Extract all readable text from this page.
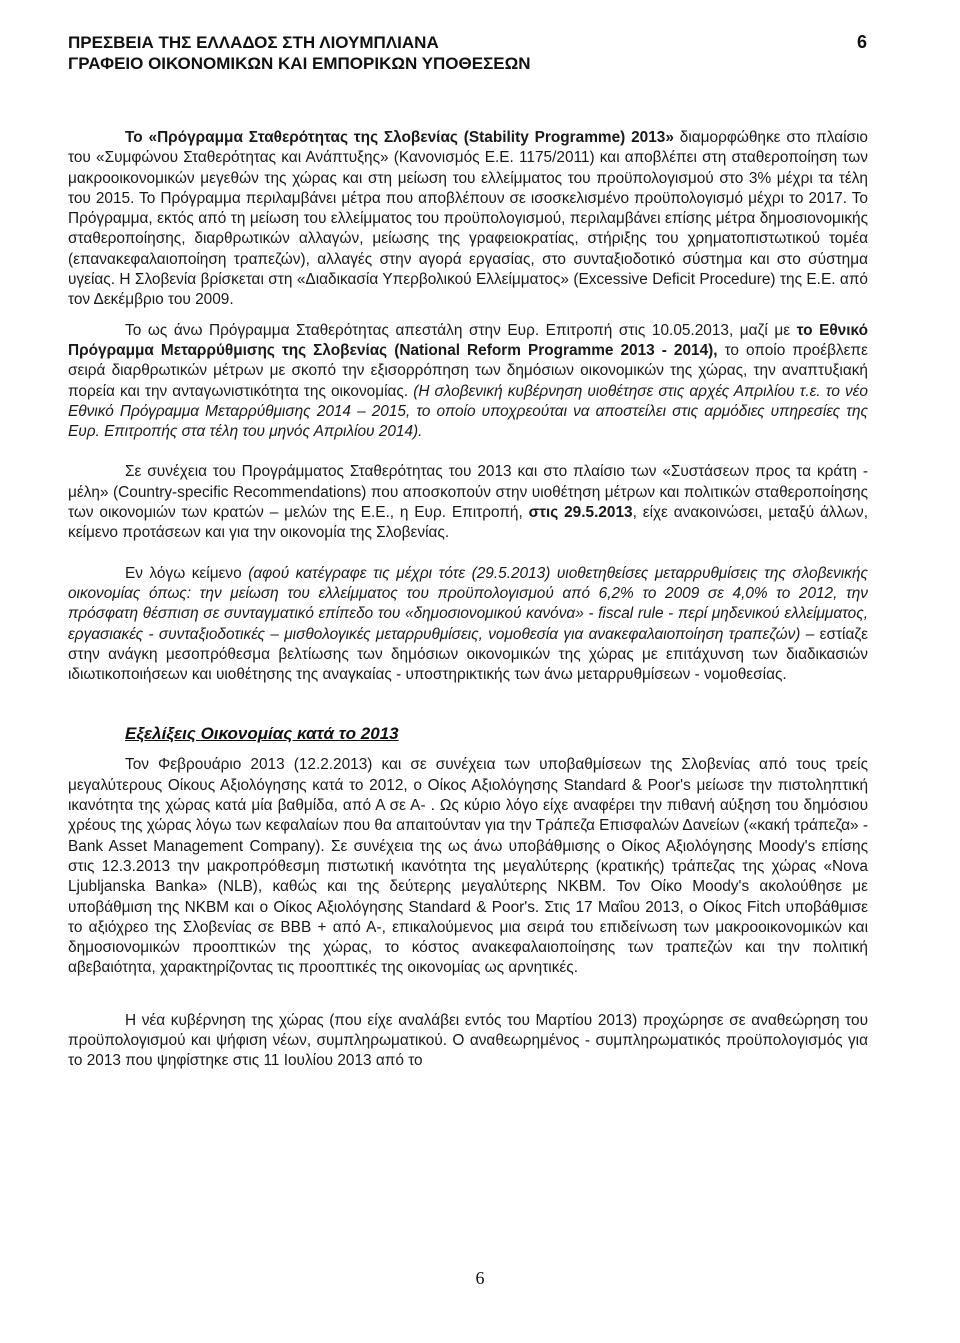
ΠΡΕΣΒΕΙΑ ΤΗΣ ΕΛΛΑΔΟΣ ΣΤΗ ΛΙΟΥΜΠΛΙΑΝΑ

ΓΡΑΦΕΙΟ ΟΙΚΟΝΟΜΙΚΩΝ ΚΑΙ ΕΜΠΟΡΙΚΩΝ ΥΠΟΘΕΣΕΩΝ

6

Το «Πρόγραμμα Σταθερότητας της Σλοβενίας (Stability Programme) 2013» διαμορφώθηκε στο πλαίσιο του «Συμφώνου Σταθερότητας και Ανάπτυξης» (Κανονισμός Ε.Ε. 1175/2011) και αποβλέπει στη σταθεροποίηση των μακροοικονομικών μεγεθών της χώρας και στη μείωση του ελλείμματος του προϋπολογισμού στο 3% μέχρι τα τέλη του 2015. Το Πρόγραμμα περιλαμβάνει μέτρα που αποβλέπουν σε ισοσκελισμένο προϋπολογισμό μέχρι το 2017. Το Πρόγραμμα, εκτός από τη μείωση του ελλείμματος του προϋπολογισμού, περιλαμβάνει επίσης μέτρα δημοσιονομικής σταθεροποίησης, διαρθρωτικών αλλαγών, μείωσης της γραφειοκρατίας, στήριξης του χρηματοπιστωτικού τομέα (επανακεφαλαιοποίηση τραπεζών), αλλαγές στην αγορά εργασίας, στο συνταξιοδοτικό σύστημα και στο σύστημα υγείας. Η Σλοβενία βρίσκεται στη «Διαδικασία Υπερβολικού Ελλείμματος» (Excessive Deficit Procedure) της Ε.Ε. από τον Δεκέμβριο του 2009.

Το ως άνω Πρόγραμμα Σταθερότητας απεστάλη στην Ευρ. Επιτροπή στις 10.05.2013, μαζί με το Εθνικό Πρόγραμμα Μεταρρύθμισης της Σλοβενίας (National Reform Programme 2013 - 2014), το οποίο προέβλεπε σειρά διαρθρωτικών μέτρων με σκοπό την εξισορρόπηση των δημόσιων οικονομικών της χώρας, την αναπτυξιακή πορεία και την ανταγωνιστικότητα της οικονομίας. (Η σλοβενική κυβέρνηση υιοθέτησε στις αρχές Απριλίου τ.ε. το νέο Εθνικό Πρόγραμμα Μεταρρύθμισης 2014 – 2015, το οποίο υποχρεούται να αποστείλει στις αρμόδιες υπηρεσίες της Ευρ. Επιτροπής στα τέλη του μηνός Απριλίου 2014).

Σε συνέχεια του Προγράμματος Σταθερότητας του 2013 και στο πλαίσιο των «Συστάσεων προς τα κράτη - μέλη» (Country-specific Recommendations) που αποσκοπούν στην υιοθέτηση μέτρων και πολιτικών σταθεροποίησης των οικονομιών των κρατών – μελών της Ε.Ε., η Ευρ. Επιτροπή, στις 29.5.2013, είχε ανακοινώσει, μεταξύ άλλων, κείμενο προτάσεων και για την οικονομία της Σλοβενίας.

Εν λόγω κείμενο (αφού κατέγραφε τις μέχρι τότε (29.5.2013) υιοθετηθείσες μεταρρυθμίσεις της σλοβενικής οικονομίας όπως: την μείωση του ελλείμματος του προϋπολογισμού από 6,2% το 2009 σε 4,0% το 2012, την πρόσφατη θέσπιση σε συνταγματικό επίπεδο του «δημοσιονομικού κανόνα» - fiscal rule - περί μηδενικού ελλείμματος, εργασιακές - συνταξιοδοτικές – μισθολογικές μεταρρυθμίσεις, νομοθεσία για ανακεφαλαιοποίηση τραπεζών) – εστίαζε στην ανάγκη μεσοπρόθεσμα βελτίωσης των δημόσιων οικονομικών της χώρας με επιτάχυνση των διαδικασιών ιδιωτικοποιήσεων και υιοθέτησης της αναγκαίας - υποστηρικτικής των άνω μεταρρυθμίσεων - νομοθεσίας.

Εξελίξεις Οικονομίας κατά το 2013

Τον Φεβρουάριο 2013 (12.2.2013) και σε συνέχεια των υποβαθμίσεων της Σλοβενίας από τους τρείς μεγαλύτερους Οίκους Αξιολόγησης κατά το 2012, ο Οίκος Αξιολόγησης Standard & Poor's μείωσε την πιστοληπτική ικανότητα της χώρας κατά μία βαθμίδα, από Α σε Α- . Ως κύριο λόγο είχε αναφέρει την πιθανή αύξηση του δημόσιου χρέους της χώρας λόγω των κεφαλαίων που θα απαιτούνταν για την Τράπεζα Επισφαλών Δανείων («κακή τράπεζα» - Bank Asset Management Company). Σε συνέχεια της ως άνω υποβάθμισης ο Οίκος Αξιολόγησης Moody's επίσης στις 12.3.2013 την μακροπρόθεσμη πιστωτική ικανότητα της μεγαλύτερης (κρατικής) τράπεζας της χώρας «Nova Ljubljanska Banka» (NLB), καθώς και της δεύτερης μεγαλύτερης NKBM. Τον Οίκο Moody's ακολούθησε με υποβάθμιση της NKBM και ο Οίκος Αξιολόγησης Standard & Poor's. Στις 17 Μαΐου 2013, ο Οίκος Fitch υποβάθμισε το αξιόχρεο της Σλοβενίας σε BBB + από Α-, επικαλούμενος μια σειρά του επιδείνωση των μακροοικονομικών και δημοσιονομικών προοπτικών της χώρας, το κόστος ανακεφαλαιοποίησης των τραπεζών και την πολιτική αβεβαιότητα, χαρακτηρίζοντας τις προοπτικές της οικονομίας ως αρνητικές.

Η νέα κυβέρνηση της χώρας (που είχε αναλάβει εντός του Μαρτίου 2013) προχώρησε σε αναθεώρηση του προϋπολογισμού και ψήφιση νέων, συμπληρωματικού. Ο αναθεωρημένος - συμπληρωματικός προϋπολογισμός για το 2013 που ψηφίστηκε στις 11 Ιουλίου 2013 από το

6
